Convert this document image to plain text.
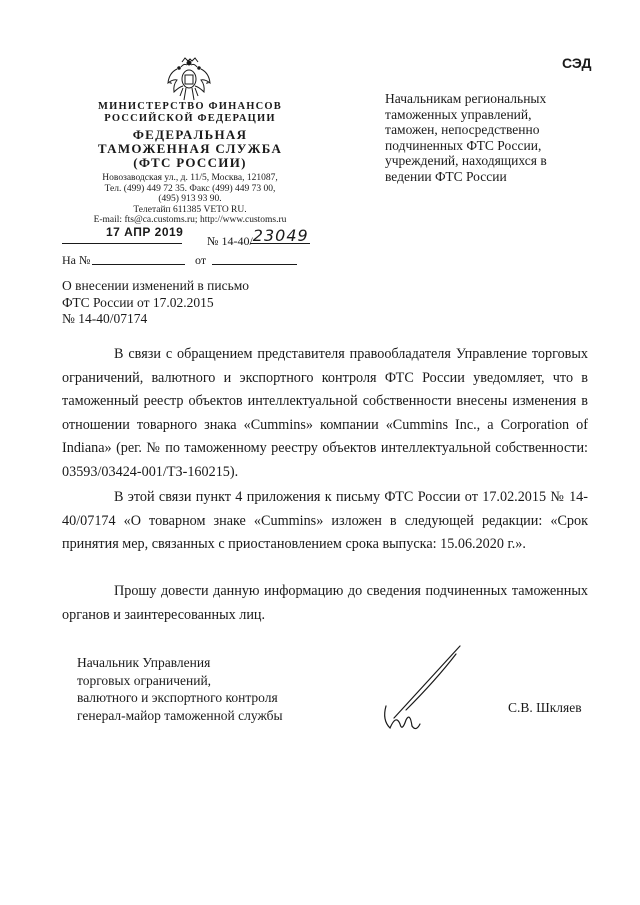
СЭД
МИНИСТЕРСТВО ФИНАНСОВ
РОССИЙСКОЙ ФЕДЕРАЦИИ
ФЕДЕРАЛЬНАЯ
ТАМОЖЕННАЯ СЛУЖБА
(ФТС РОССИИ)
Новозаводская ул., д. 11/5, Москва, 121087,
Тел. (499) 449 72 35. Факс (499) 449 73 00,
(495) 913 93 90.
Телетайп 611385 VETO RU.
E-mail: fts@ca.customs.ru; http://www.customs.ru
17 АПР 2019
№ 14-40/23049
На №	от
Начальникам региональных
таможенных управлений,
таможен, непосредственно
подчиненных ФТС России,
учреждений, находящихся в
ведении ФТС России
О внесении изменений в письмо
ФТС России от 17.02.2015
№ 14-40/07174

В связи с обращением представителя правообладателя Управление торговых ограничений, валютного и экспортного контроля ФТС России уведомляет, что в таможенный реестр объектов интеллектуальной собственности внесены изменения в отношении товарного знака «Cummins» компании «Cummins Inc., a Corporation of Indiana» (рег. № по таможенному реестру объектов интеллектуальной собственности: 03593/03424-001/ТЗ-160215).

В этой связи пункт 4 приложения к письму ФТС России от 17.02.2015 № 14-40/07174 «О товарном знаке «Cummins» изложен в следующей редакции: «Срок принятия мер, связанных с приостановлением срока выпуска: 15.06.2020 г.».

Прошу довести данную информацию до сведения подчиненных таможенных органов и заинтересованных лиц.

Начальник Управления
торговых ограничений,
валютного и экспортного контроля
генерал-майор таможенной службы	С.В. Шкляев
